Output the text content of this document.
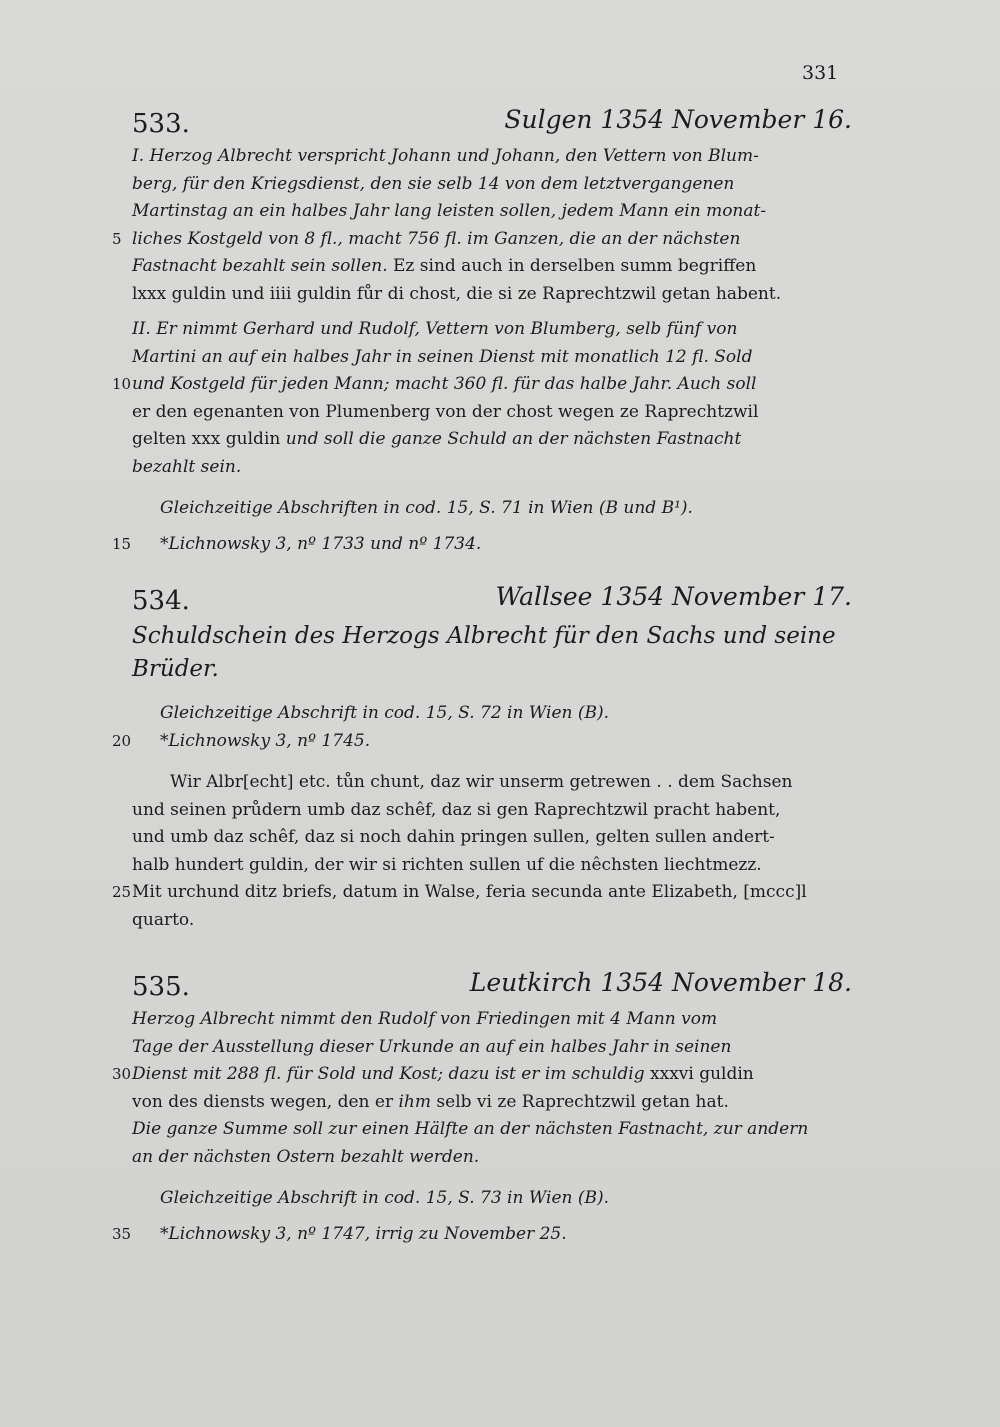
331
533.	Sulgen 1354 November 16.
I. Herzog Albrecht verspricht Johann und Johann, den Vettern von Blum-
berg, für den Kriegsdienst, den sie selb 14 von dem letztvergangenen
Martinstag an ein halbes Jahr lang leisten sollen, jedem Mann ein monat-
5 liches Kostgeld von 8 fl., macht 756 fl. im Ganzen, die an der nächsten
Fastnacht bezahlt sein sollen. Ez sind auch in derselben summ begriffen
lxxx guldin und iiii guldin fůr di chost, die si ze Raprechtzwil getan habent.
II. Er nimmt Gerhard und Rudolf, Vettern von Blumberg, selb fünf von
Martini an auf ein halbes Jahr in seinen Dienst mit monatlich 12 fl. Sold
10 und Kostgeld für jeden Mann; macht 360 fl. für das halbe Jahr. Auch soll
er den egenanten von Plumenberg von der chost wegen ze Raprechtzwil
gelten xxx guldin und soll die ganze Schuld an der nächsten Fastnacht
bezahlt sein.
Gleichzeitige Abschriften in cod. 15, S. 71 in Wien (B und B¹).
15 *Lichnowsky 3, nº 1733 und nº 1734.
534.	Wallsee 1354 November 17.
Schuldschein des Herzogs Albrecht für den Sachs und seine
Brüder.
Gleichzeitige Abschrift in cod. 15, S. 72 in Wien (B).
20 *Lichnowsky 3, nº 1745.
Wir Albr[echt] etc. tůn chunt, daz wir unserm getrewen . . dem Sachsen
und seinen průdern umb daz schêf, daz si gen Raprechtzwil pracht habent,
und umb daz schêf, daz si noch dahin pringen sullen, gelten sullen andert-
halb hundert guldin, der wir si richten sullen uf die nêchsten liechtmezz.
25 Mit urchund ditz briefs, datum in Walse, feria secunda ante Elizabeth, [mccc]l
quarto.
535.	Leutkirch 1354 November 18.
Herzog Albrecht nimmt den Rudolf von Friedingen mit 4 Mann vom
Tage der Ausstellung dieser Urkunde an auf ein halbes Jahr in seinen
30 Dienst mit 288 fl. für Sold und Kost; dazu ist er im schuldig xxxvi guldin
von des diensts wegen, den er ihm selb vi ze Raprechtzwil getan hat.
Die ganze Summe soll zur einen Hälfte an der nächsten Fastnacht, zur andern
an der nächsten Ostern bezahlt werden.
Gleichzeitige Abschrift in cod. 15, S. 73 in Wien (B).
35 *Lichnowsky 3, nº 1747, irrig zu November 25.
